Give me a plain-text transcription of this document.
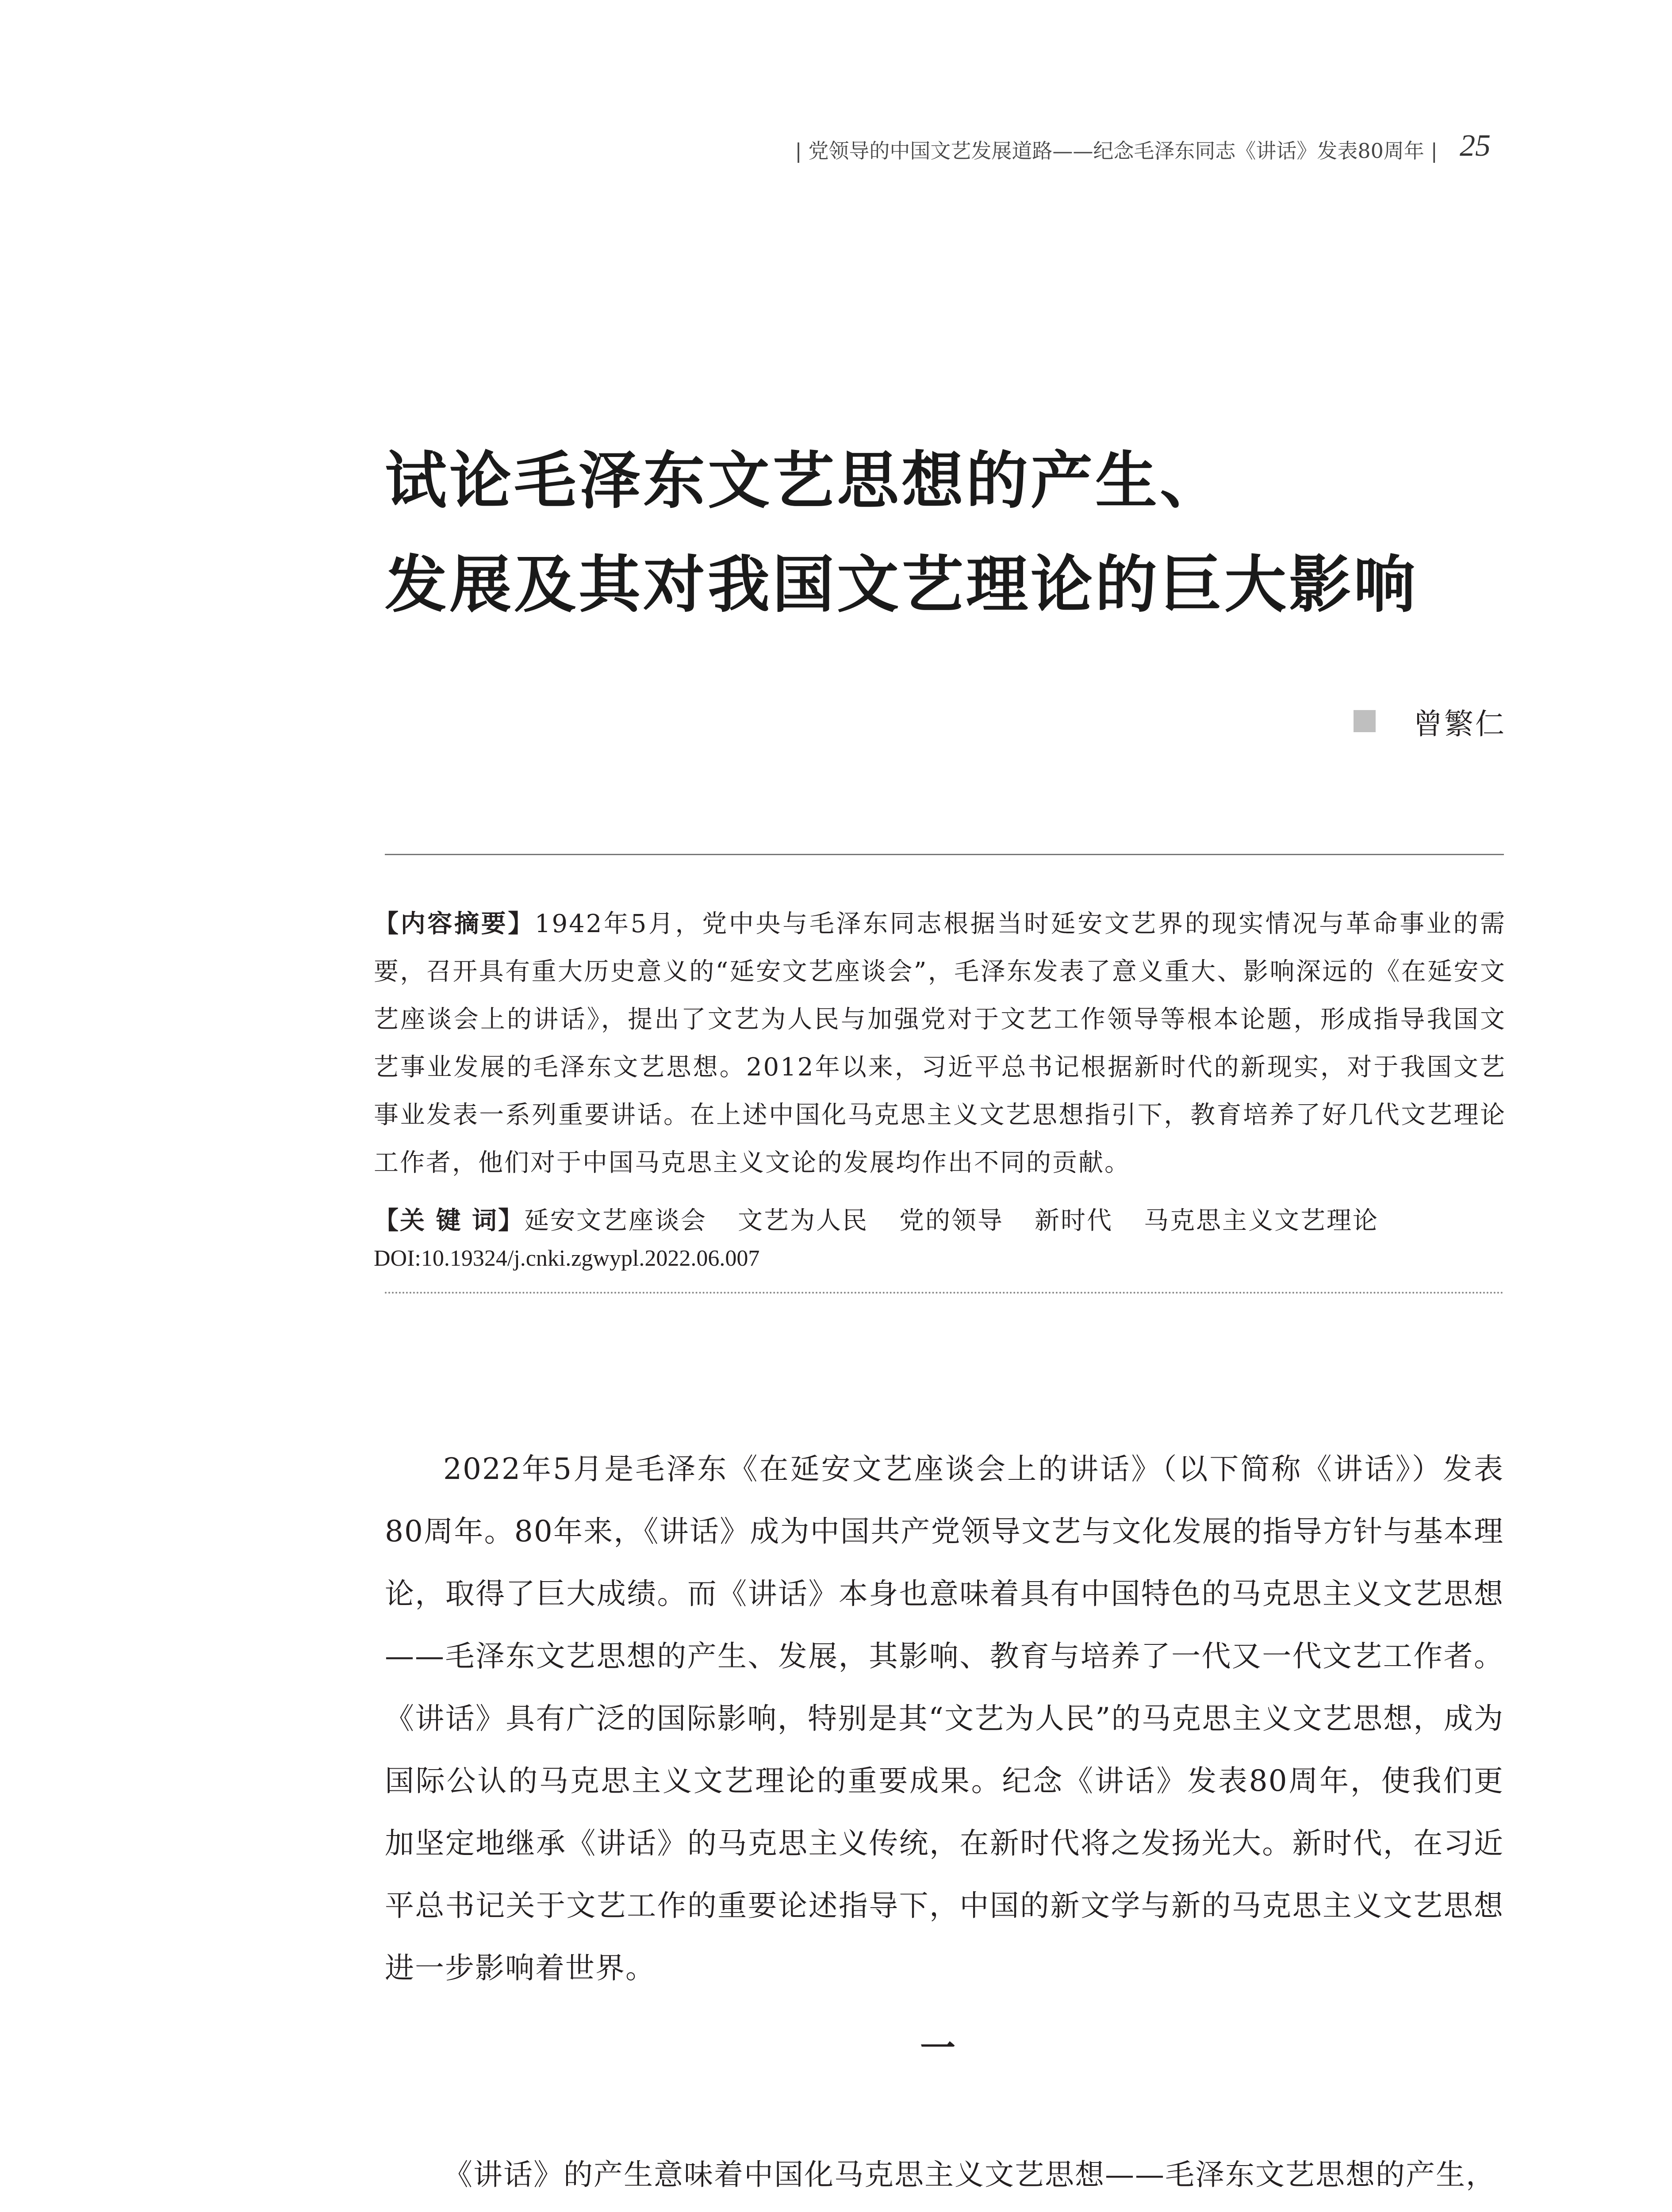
| 党领导的中国文艺发展道路——纪念毛泽东同志《讲话》发表80周年 | 25
试论毛泽东文艺思想的产生、
发展及其对我国文艺理论的巨大影响
曾繁仁
【内容摘要】1942年5月，党中央与毛泽东同志根据当时延安文艺界的现实情况与革命事业的需要，召开具有重大历史意义的“延安文艺座谈会”，毛泽东发表了意义重大、影响深远的《在延安文艺座谈会上的讲话》，提出了文艺为人民与加强党对于文艺工作领导等根本论题，形成指导我国文艺事业发展的毛泽东文艺思想。2012年以来，习近平总书记根据新时代的新现实，对于我国文艺事业发表一系列重要讲话。在上述中国化马克思主义文艺思想指引下，教育培养了好几代文艺理论工作者，他们对于中国马克思主义文论的发展均作出不同的贡献。
【关 键 词】延安文艺座谈会 文艺为人民 党的领导 新时代 马克思主义文艺理论
DOI:10.19324/j.cnki.zgwypl.2022.06.007

2022年5月是毛泽东《在延安文艺座谈会上的讲话》（以下简称《讲话》）发表80周年。80年来，《讲话》成为中国共产党领导文艺与文化发展的指导方针与基本理论，取得了巨大成绩。而《讲话》本身也意味着具有中国特色的马克思主义文艺思想——毛泽东文艺思想的产生、发展，其影响、教育与培养了一代又一代文艺工作者。《讲话》具有广泛的国际影响，特别是其“文艺为人民”的马克思主义文艺思想，成为国际公认的马克思主义文艺理论的重要成果。纪念《讲话》发表80周年，使我们更加坚定地继承《讲话》的马克思主义传统，在新时代将之发扬光大。新时代，在习近平总书记关于文艺工作的重要论述指导下，中国的新文学与新的马克思主义文艺思想进一步影响着世界。

一

《讲话》的产生意味着中国化马克思主义文艺思想——毛泽东文艺思想的产生，
